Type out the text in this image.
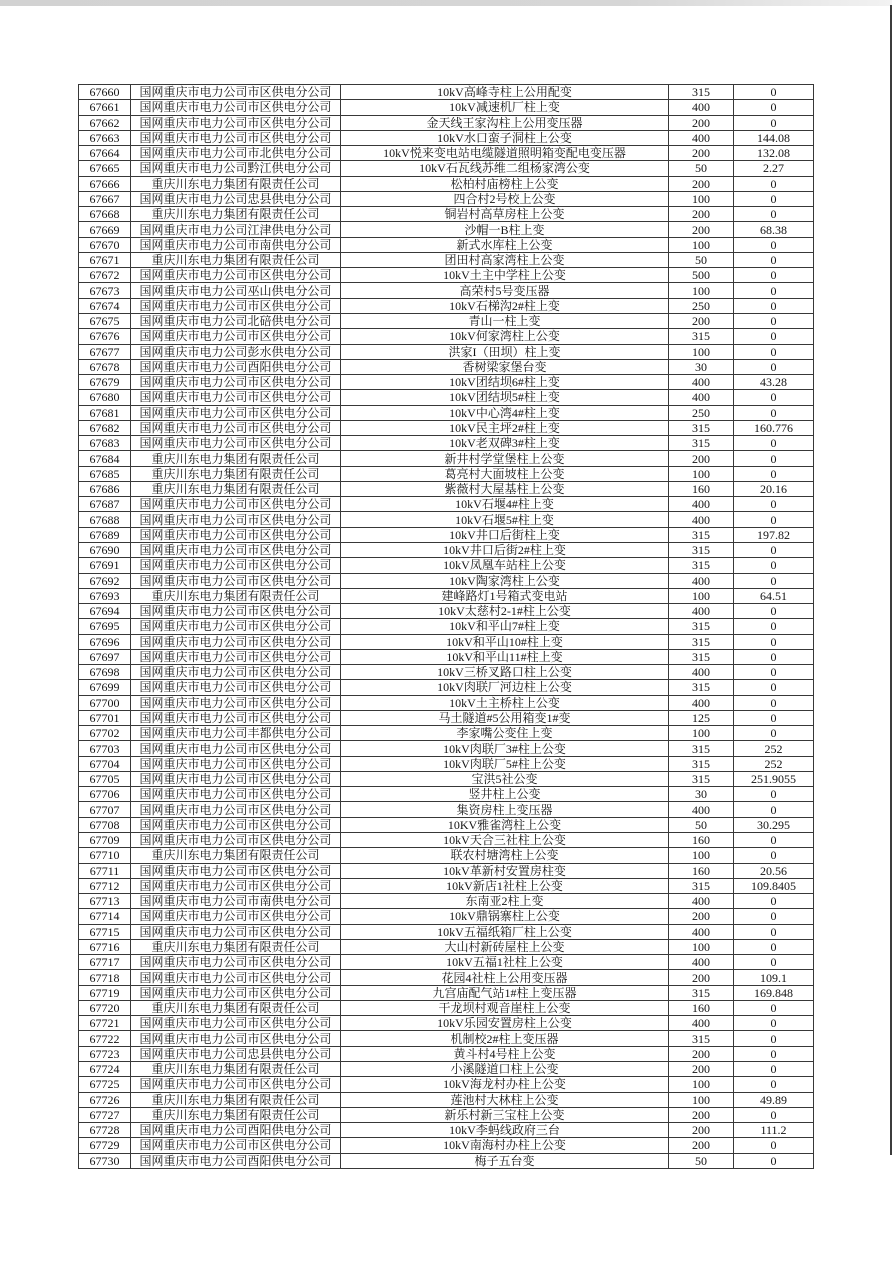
67660	国网重庆市电力公司市区供电分公司	10kV高峰寺柱上公用配变	315	0
67661	国网重庆市电力公司市区供电分公司	10kV减速机厂柱上变	400	0
67662	国网重庆市电力公司市区供电分公司	金天线王家沟柱上公用变压器	200	0
67663	国网重庆市电力公司市区供电分公司	10kV水口蛮子洞柱上公变	400	144.08
67664	国网重庆市电力公司市北供电分公司	10kV悦来变电站电缆隧道照明箱变配电变压器	200	132.08
67665	国网重庆市电力公司黔江供电分公司	10kV石瓦线苏维二组杨家湾公变	50	2.27
67666	重庆川东电力集团有限责任公司	松柏村庙榜柱上公变	200	0
67667	国网重庆市电力公司忠县供电分公司	四合村2号校上公变	100	0
67668	重庆川东电力集团有限责任公司	铜岩村高草房柱上公变	200	0
67669	国网重庆市电力公司江津供电分公司	沙帽一B柱上变	200	68.38
67670	国网重庆市电力公司市南供电分公司	新式水库柱上公变	100	0
67671	重庆川东电力集团有限责任公司	团田村高家湾柱上公变	50	0
67672	国网重庆市电力公司市区供电分公司	10kV土主中学柱上公变	500	0
67673	国网重庆市电力公司巫山供电分公司	高荣村5号变压器	100	0
67674	国网重庆市电力公司市区供电分公司	10kV石梯沟2#柱上变	250	0
67675	国网重庆市电力公司北碚供电分公司	青山一柱上变	200	0
67676	国网重庆市电力公司市区供电分公司	10kV何家湾柱上公变	315	0
67677	国网重庆市电力公司彭水供电分公司	洪家I（田坝）柱上变	100	0
67678	国网重庆市电力公司酉阳供电分公司	香树梁家堡台变	30	0
67679	国网重庆市电力公司市区供电分公司	10kV团结坝6#柱上变	400	43.28
67680	国网重庆市电力公司市区供电分公司	10kV团结坝5#柱上变	400	0
67681	国网重庆市电力公司市区供电分公司	10kV中心湾4#柱上变	250	0
67682	国网重庆市电力公司市区供电分公司	10kV民主坪2#柱上变	315	160.776
67683	国网重庆市电力公司市区供电分公司	10kV老双碑3#柱上变	315	0
67684	重庆川东电力集团有限责任公司	新井村学堂堡柱上公变	200	0
67685	重庆川东电力集团有限责任公司	葛亮村大面坡柱上公变	100	0
67686	重庆川东电力集团有限责任公司	紫薇村大屋基柱上公变	160	20.16
67687	国网重庆市电力公司市区供电分公司	10kV石堰4#柱上变	400	0
67688	国网重庆市电力公司市区供电分公司	10kV石堰5#柱上变	400	0
67689	国网重庆市电力公司市区供电分公司	10kV井口后街柱上变	315	197.82
67690	国网重庆市电力公司市区供电分公司	10kV井口后街2#柱上变	315	0
67691	国网重庆市电力公司市区供电分公司	10kV凤凰车站柱上公变	315	0
67692	国网重庆市电力公司市区供电分公司	10kV陶家湾柱上公变	400	0
67693	重庆川东电力集团有限责任公司	建峰路灯1号箱式变电站	100	64.51
67694	国网重庆市电力公司市区供电分公司	10kV太慈村2-1#柱上公变	400	0
67695	国网重庆市电力公司市区供电分公司	10kV和平山7#柱上变	315	0
67696	国网重庆市电力公司市区供电分公司	10kV和平山10#柱上变	315	0
67697	国网重庆市电力公司市区供电分公司	10kV和平山11#柱上变	315	0
67698	国网重庆市电力公司市区供电分公司	10kV三桥叉路口柱上公变	400	0
67699	国网重庆市电力公司市区供电分公司	10kV肉联厂河边柱上公变	315	0
67700	国网重庆市电力公司市区供电分公司	10kV土主桥柱上公变	400	0
67701	国网重庆市电力公司市区供电分公司	马土隧道#5公用箱变1#变	125	0
67702	国网重庆市电力公司丰都供电分公司	李家嘴公变住上变	100	0
67703	国网重庆市电力公司市区供电分公司	10kV肉联厂3#柱上公变	315	252
67704	国网重庆市电力公司市区供电分公司	10kV肉联厂5#柱上公变	315	252
67705	国网重庆市电力公司市区供电分公司	宝洪5社公变	315	251.9055
67706	国网重庆市电力公司市区供电分公司	竖井柱上公变	30	0
67707	国网重庆市电力公司市区供电分公司	集资房柱上变压器	400	0
67708	国网重庆市电力公司市区供电分公司	10KV雅雀湾柱上公变	50	30.295
67709	国网重庆市电力公司市区供电分公司	10kV天合三社柱上公变	160	0
67710	重庆川东电力集团有限责任公司	联农村塘湾柱上公变	100	0
67711	国网重庆市电力公司市区供电分公司	10kV革新村安置房柱变	160	20.56
67712	国网重庆市电力公司市区供电分公司	10kV新店1社柱上公变	315	109.8405
67713	国网重庆市电力公司市南供电分公司	东南亚2柱上变	400	0
67714	国网重庆市电力公司市区供电分公司	10kV鼎锅寨柱上公变	200	0
67715	国网重庆市电力公司市区供电分公司	10kV五福纸箱厂柱上公变	400	0
67716	重庆川东电力集团有限责任公司	大山村新砖屋柱上公变	100	0
67717	国网重庆市电力公司市区供电分公司	10kV五福1社柱上公变	400	0
67718	国网重庆市电力公司市区供电分公司	花园4社柱上公用变压器	200	109.1
67719	国网重庆市电力公司市区供电分公司	九宫庙配气站1#柱上变压器	315	169.848
67720	重庆川东电力集团有限责任公司	干龙坝村观音崖柱上公变	160	0
67721	国网重庆市电力公司市区供电分公司	10kV乐园安置房柱上公变	400	0
67722	国网重庆市电力公司市区供电分公司	机制校2#柱上变压器	315	0
67723	国网重庆市电力公司忠县供电分公司	黄斗村4号柱上公变	200	0
67724	重庆川东电力集团有限责任公司	小溪隧道口柱上公变	200	0
67725	国网重庆市电力公司市区供电分公司	10kV海龙村办柱上公变	100	0
67726	重庆川东电力集团有限责任公司	莲池村大林柱上公变	100	49.89
67727	重庆川东电力集团有限责任公司	新乐村新三宝柱上公变	200	0
67728	国网重庆市电力公司酉阳供电分公司	10kV李蚂线政府三台	200	111.2
67729	国网重庆市电力公司市区供电分公司	10kV南海村办柱上公变	200	0
67730	国网重庆市电力公司酉阳供电分公司	梅子五台变	50	0
